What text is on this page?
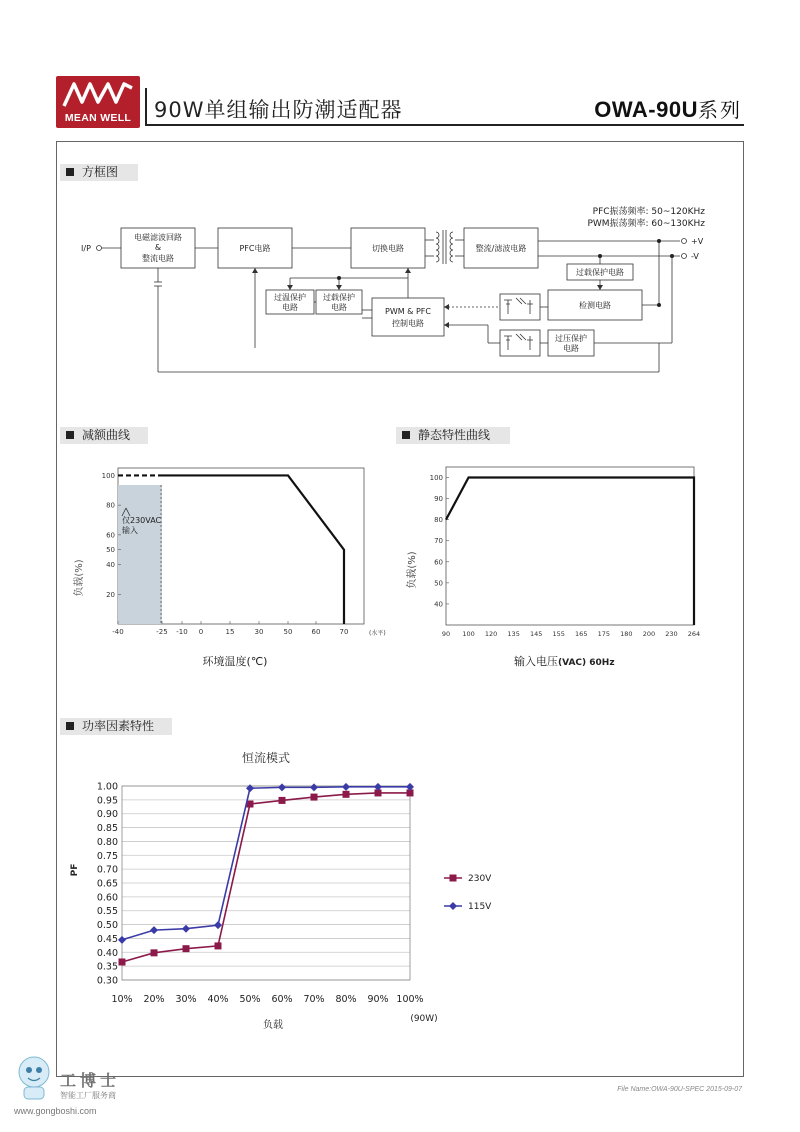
MEAN WELL	90W单组输出防潮适配器	OWA-90U系列
方框图
减额曲线	静态特性曲线
功率因素特性
电磁滤波回路
&
整流电路
PFC电路	切换电路	整流/滤波电路
过温保护
电路
过载保护
电路	PWM & PFC
控制电路
过载保护电路
检测电路
过压保护
电路
I/P
+V
-V
PFC振荡频率: 50~120KHz
PWM振荡频率: 60~130KHz
100
80
60
50
40
20
-40	-25 -10 0	15	30	50	60	70
仅230VAC
输入
(水平)
负载(%)
环境温度(℃)
100
90
80
70
60
50
40
90 100 120 135 145 155 165 175 180 200 230 264
负载(%)
输入电压 (VAC) 60Hz
恒流模式
1.00
0.95
0.90
0.85
0.80
0.75
0.70
0.65
0.60
0.55
0.50
0.45
0.40
0.35
0.30
10% 20% 30% 40% 50% 60% 70% 80% 90% 100%
(90W)
PF
负载
230V
115V
File Name:OWA-90U-SPEC 2015-09-07
工博士
智能工厂服务商
www.gongboshi.com
